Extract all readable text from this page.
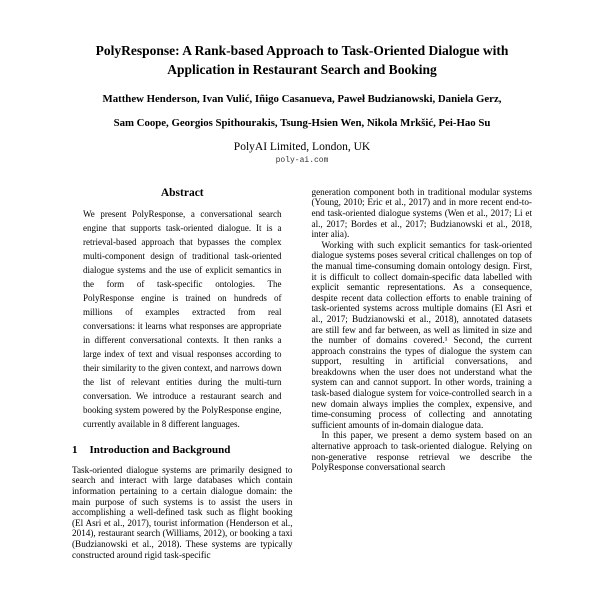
PolyResponse: A Rank-based Approach to Task-Oriented Dialogue with Application in Restaurant Search and Booking
Matthew Henderson, Ivan Vulić, Iñigo Casanueva, Paweł Budzianowski, Daniela Gerz,
Sam Coope, Georgios Spithourakis, Tsung-Hsien Wen, Nikola Mrkšić, Pei-Hao Su
PolyAI Limited, London, UK
poly-ai.com
Abstract

We present PolyResponse, a conversational search engine that supports task-oriented dialogue. It is a retrieval-based approach that bypasses the complex multi-component design of traditional task-oriented dialogue systems and the use of explicit semantics in the form of task-specific ontologies. The PolyResponse engine is trained on hundreds of millions of examples extracted from real conversations: it learns what responses are appropriate in different conversational contexts. It then ranks a large index of text and visual responses according to their similarity to the given context, and narrows down the list of relevant entities during the multi-turn conversation. We introduce a restaurant search and booking system powered by the PolyResponse engine, currently available in 8 different languages.

1 Introduction and Background

Task-oriented dialogue systems are primarily designed to search and interact with large databases which contain information pertaining to a certain dialogue domain: the main purpose of such systems is to assist the users in accomplishing a well-defined task such as flight booking (El Asri et al., 2017), tourist information (Henderson et al., 2014), restaurant search (Williams, 2012), or booking a taxi (Budzianowski et al., 2018). These systems are typically constructed around rigid task-specific

generation component both in traditional modular systems (Young, 2010; Eric et al., 2017) and in more recent end-to-end task-oriented dialogue systems (Wen et al., 2017; Li et al., 2017; Bordes et al., 2017; Budzianowski et al., 2018, inter alia).

Working with such explicit semantics for task-oriented dialogue systems poses several critical challenges on top of the manual time-consuming domain ontology design. First, it is difficult to collect domain-specific data labelled with explicit semantic representations. As a consequence, despite recent data collection efforts to enable training of task-oriented systems across multiple domains (El Asri et al., 2017; Budzianowski et al., 2018), annotated datasets are still few and far between, as well as limited in size and the number of domains covered.¹ Second, the current approach constrains the types of dialogue the system can support, resulting in artificial conversations, and breakdowns when the user does not understand what the system can and cannot support. In other words, training a task-based dialogue system for voice-controlled search in a new domain always implies the complex, expensive, and time-consuming process of collecting and annotating sufficient amounts of in-domain dialogue data.

In this paper, we present a demo system based on an alternative approach to task-oriented dialogue. Relying on non-generative response retrieval we describe the PolyResponse conversational search
